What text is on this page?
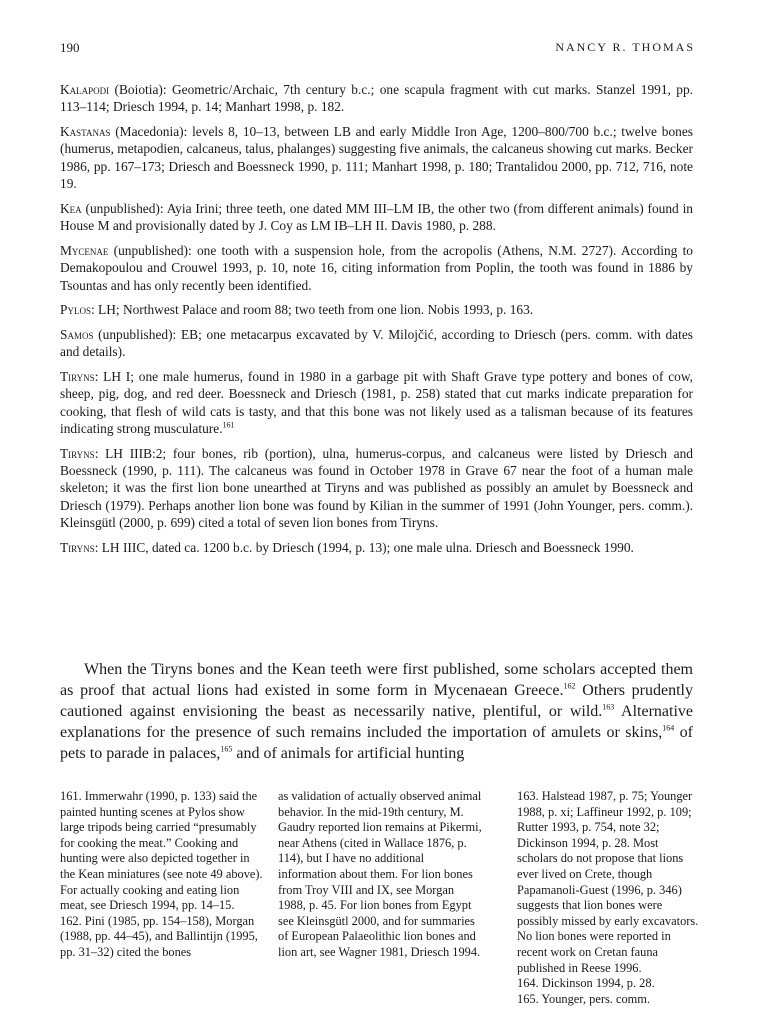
190	NANCY R. THOMAS

Kalapodi (Boiotia): Geometric/Archaic, 7th century b.c.; one scapula fragment with cut marks. Stanzel 1991, pp. 113–114; Driesch 1994, p. 14; Manhart 1998, p. 182.

Kastanas (Macedonia): levels 8, 10–13, between LB and early Middle Iron Age, 1200–800/700 b.c.; twelve bones (humerus, metapodien, calcaneus, talus, phalanges) suggesting five animals, the calcaneus showing cut marks. Becker 1986, pp. 167–173; Driesch and Boessneck 1990, p. 111; Manhart 1998, p. 180; Trantalidou 2000, pp. 712, 716, note 19.

Kea (unpublished): Ayia Irini; three teeth, one dated MM III–LM IB, the other two (from different animals) found in House M and provisionally dated by J. Coy as LM IB–LH II. Davis 1980, p. 288.

Mycenae (unpublished): one tooth with a suspension hole, from the acropolis (Athens, N.M. 2727). According to Demakopoulou and Crouwel 1993, p. 10, note 16, citing information from Poplin, the tooth was found in 1886 by Tsountas and has only recently been identified.

Pylos: LH; Northwest Palace and room 88; two teeth from one lion. Nobis 1993, p. 163.

Samos (unpublished): EB; one metacarpus excavated by V. Milojčić, according to Driesch (pers. comm. with dates and details).

Tiryns: LH I; one male humerus, found in 1980 in a garbage pit with Shaft Grave type pottery and bones of cow, sheep, pig, dog, and red deer. Boessneck and Driesch (1981, p. 258) stated that cut marks indicate preparation for cooking, that flesh of wild cats is tasty, and that this bone was not likely used as a talisman because of its features indicating strong musculature.$^{161}$

Tiryns: LH IIIB:2; four bones, rib (portion), ulna, humerus-corpus, and calcaneus were listed by Driesch and Boessneck (1990, p. 111). The calcaneus was found in October 1978 in Grave 67 near the foot of a human male skeleton; it was the first lion bone unearthed at Tiryns and was published as possibly an amulet by Boessneck and Driesch (1979). Perhaps another lion bone was found by Kilian in the summer of 1991 (John Younger, pers. comm.). Kleinsgütl (2000, p. 699) cited a total of seven lion bones from Tiryns.

Tiryns: LH IIIC, dated ca. 1200 b.c. by Driesch (1994, p. 13); one male ulna. Driesch and Boessneck 1990.

When the Tiryns bones and the Kean teeth were first published, some scholars accepted them as proof that actual lions had existed in some form in Mycenaean Greece.$^{162}$ Others prudently cautioned against envisioning the beast as necessarily native, plentiful, or wild.$^{163}$ Alternative explanations for the presence of such remains included the importation of amulets or skins,$^{164}$ of pets to parade in palaces,$^{165}$ and of animals for artificial hunting

161. Immerwahr (1990, p. 133) said the painted hunting scenes at Pylos show large tripods being carried “presumably for cooking the meat.” Cooking and hunting were also depicted together in the Kean miniatures (see note 49 above). For actually cooking and eating lion meat, see Driesch 1994, pp. 14–15.

162. Pini (1985, pp. 154–158), Morgan (1988, pp. 44–45), and Ballintijn (1995, pp. 31–32) cited the bones

as validation of actually observed animal behavior. In the mid-19th century, M. Gaudry reported lion remains at Pikermi, near Athens (cited in Wallace 1876, p. 114), but I have no additional information about them. For lion bones from Troy VIII and IX, see Morgan 1988, p. 45. For lion bones from Egypt see Kleinsgütl 2000, and for summaries of European Palaeolithic lion bones and lion art, see Wagner 1981, Driesch 1994.

163. Halstead 1987, p. 75; Younger 1988, p. xi; Laffineur 1992, p. 109; Rutter 1993, p. 754, note 32; Dickinson 1994, p. 28. Most scholars do not propose that lions ever lived on Crete, though Papamanoli-Guest (1996, p. 346) suggests that lion bones were possibly missed by early excavators. No lion bones were reported in recent work on Cretan fauna published in Reese 1996.

164. Dickinson 1994, p. 28.

165. Younger, pers. comm.
